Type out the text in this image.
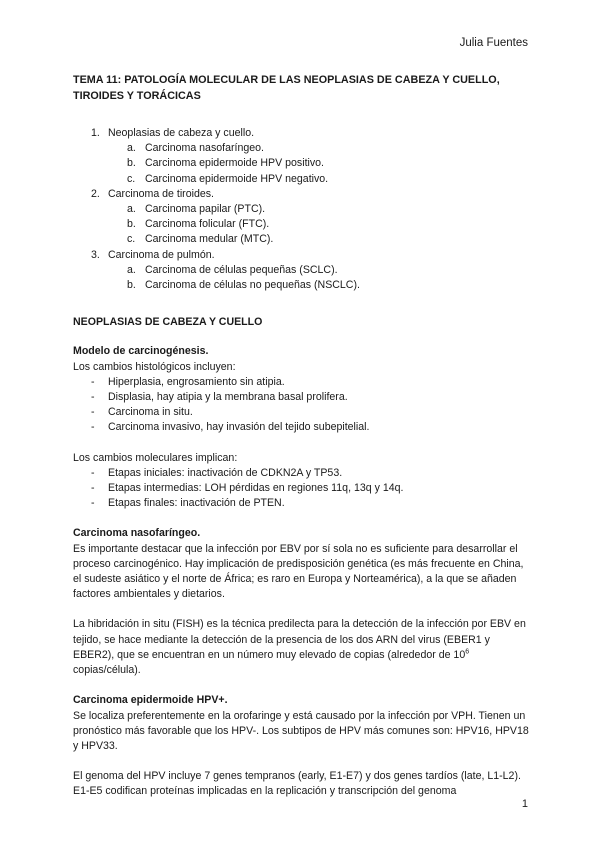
Julia Fuentes
TEMA 11: PATOLOGÍA MOLECULAR DE LAS NEOPLASIAS DE CABEZA Y CUELLO,
TIROIDES Y TORÁCICAS
1. Neoplasias de cabeza y cuello.
a. Carcinoma nasofaríngeo.
b. Carcinoma epidermoide HPV positivo.
c. Carcinoma epidermoide HPV negativo.
2. Carcinoma de tiroides.
a. Carcinoma papilar (PTC).
b. Carcinoma folicular (FTC).
c. Carcinoma medular (MTC).
3. Carcinoma de pulmón.
a. Carcinoma de células pequeñas (SCLC).
b. Carcinoma de células no pequeñas (NSCLC).
NEOPLASIAS DE CABEZA Y CUELLO
Modelo de carcinogénesis.

Los cambios histológicos incluyen:

-	Hiperplasia, engrosamiento sin atipia.
-	Displasia, hay atipia y la membrana basal prolifera.
-	Carcinoma in situ.
-	Carcinoma invasivo, hay invasión del tejido subepitelial.

Los cambios moleculares implican:

-	Etapas iniciales: inactivación de CDKN2A y TP53.
-	Etapas intermedias: LOH pérdidas en regiones 11q, 13q y 14q.
-	Etapas finales: inactivación de PTEN.
Carcinoma nasofaríngeo.

Es importante destacar que la infección por EBV por sí sola no es suficiente para desarrollar el proceso carcinogénico. Hay implicación de predisposición genética (es más frecuente en China, el sudeste asiático y el norte de África; es raro en Europa y Norteamérica), a la que se añaden factores ambientales y dietarios.

La hibridación in situ (FISH) es la técnica predilecta para la detección de la infección por EBV en tejido, se hace mediante la detección de la presencia de los dos ARN del virus (EBER1 y EBER2), que se encuentran en un número muy elevado de copias (alrededor de $10^6$ copias/célula).

Carcinoma epidermoide HPV+.

Se localiza preferentemente en la orofaringe y está causado por la infección por VPH. Tienen un pronóstico más favorable que los HPV-. Los subtipos de HPV más comunes son: HPV16, HPV18 y HPV33.

El genoma del HPV incluye 7 genes tempranos (early, E1-E7) y dos genes tardíos (late, L1-L2). E1-E5 codifican proteínas implicadas en la replicación y transcripción del genoma

1
